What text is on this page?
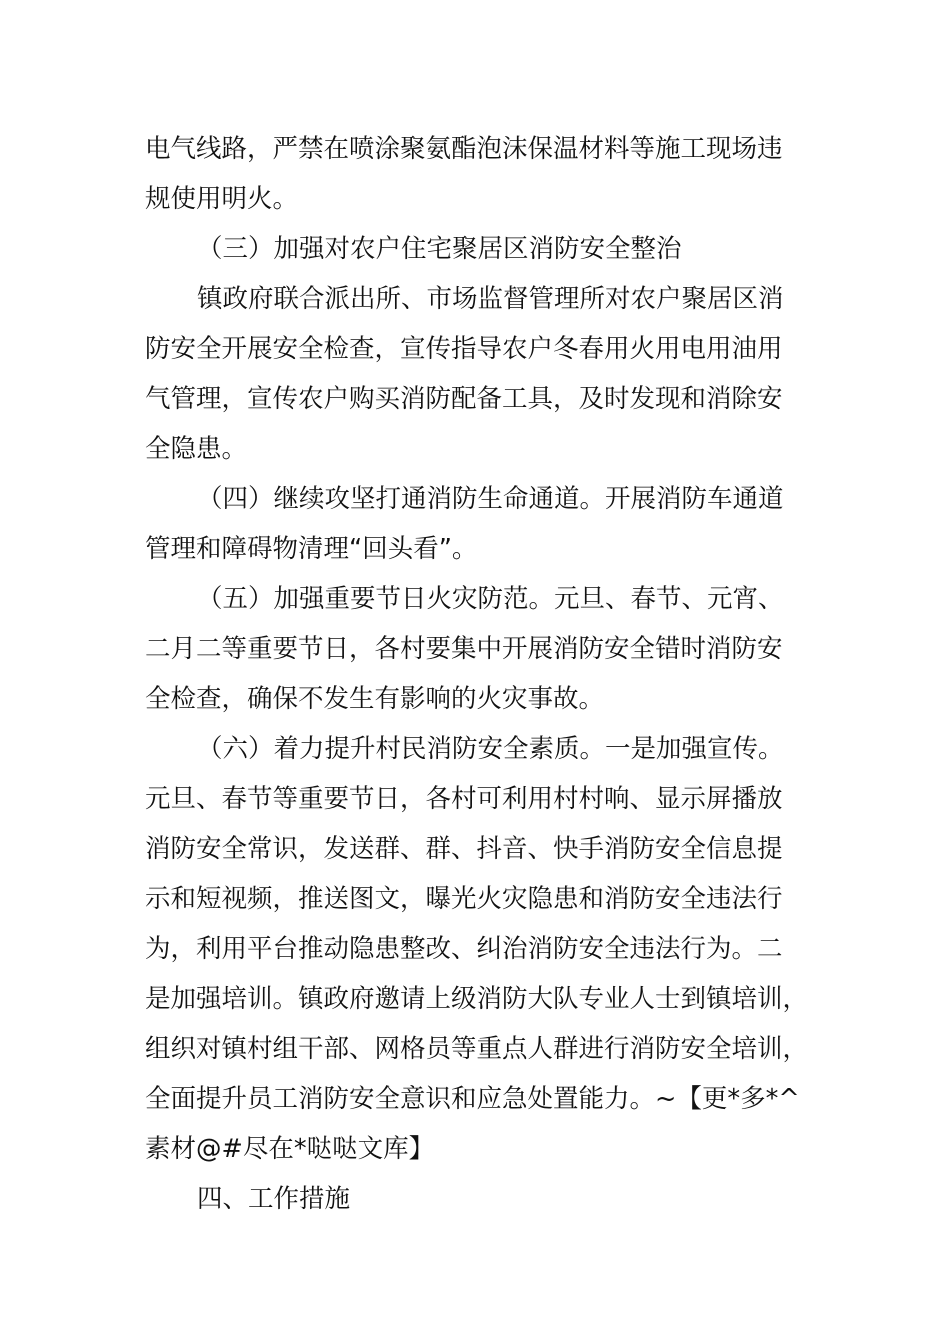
电气线路，严禁在喷涂聚氨酯泡沫保温材料等施工现场违

规使用明火。

（三）加强对农户住宅聚居区消防安全整治

镇政府联合派出所、市场监督管理所对农户聚居区消

防安全开展安全检查，宣传指导农户冬春用火用电用油用

气管理，宣传农户购买消防配备工具，及时发现和消除安

全隐患。

（四）继续攻坚打通消防生命通道。开展消防车通道

管理和障碍物清理“回头看”。

（五）加强重要节日火灾防范。元旦、春节、元宵、

二月二等重要节日，各村要集中开展消防安全错时消防安

全检查，确保不发生有影响的火灾事故。

（六）着力提升村民消防安全素质。一是加强宣传。

元旦、春节等重要节日，各村可利用村村响、显示屏播放

消防安全常识，发送群、群、抖音、快手消防安全信息提

示和短视频，推送图文，曝光火灾隐患和消防安全违法行

为，利用平台推动隐患整改、纠治消防安全违法行为。二

是加强培训。镇政府邀请上级消防大队专业人士到镇培训，

组织对镇村组干部、网格员等重点人群进行消防安全培训，

全面提升员工消防安全意识和应急处置能力。~【更*多*^

素材@#尽在*哒哒文库】

四、工作措施
